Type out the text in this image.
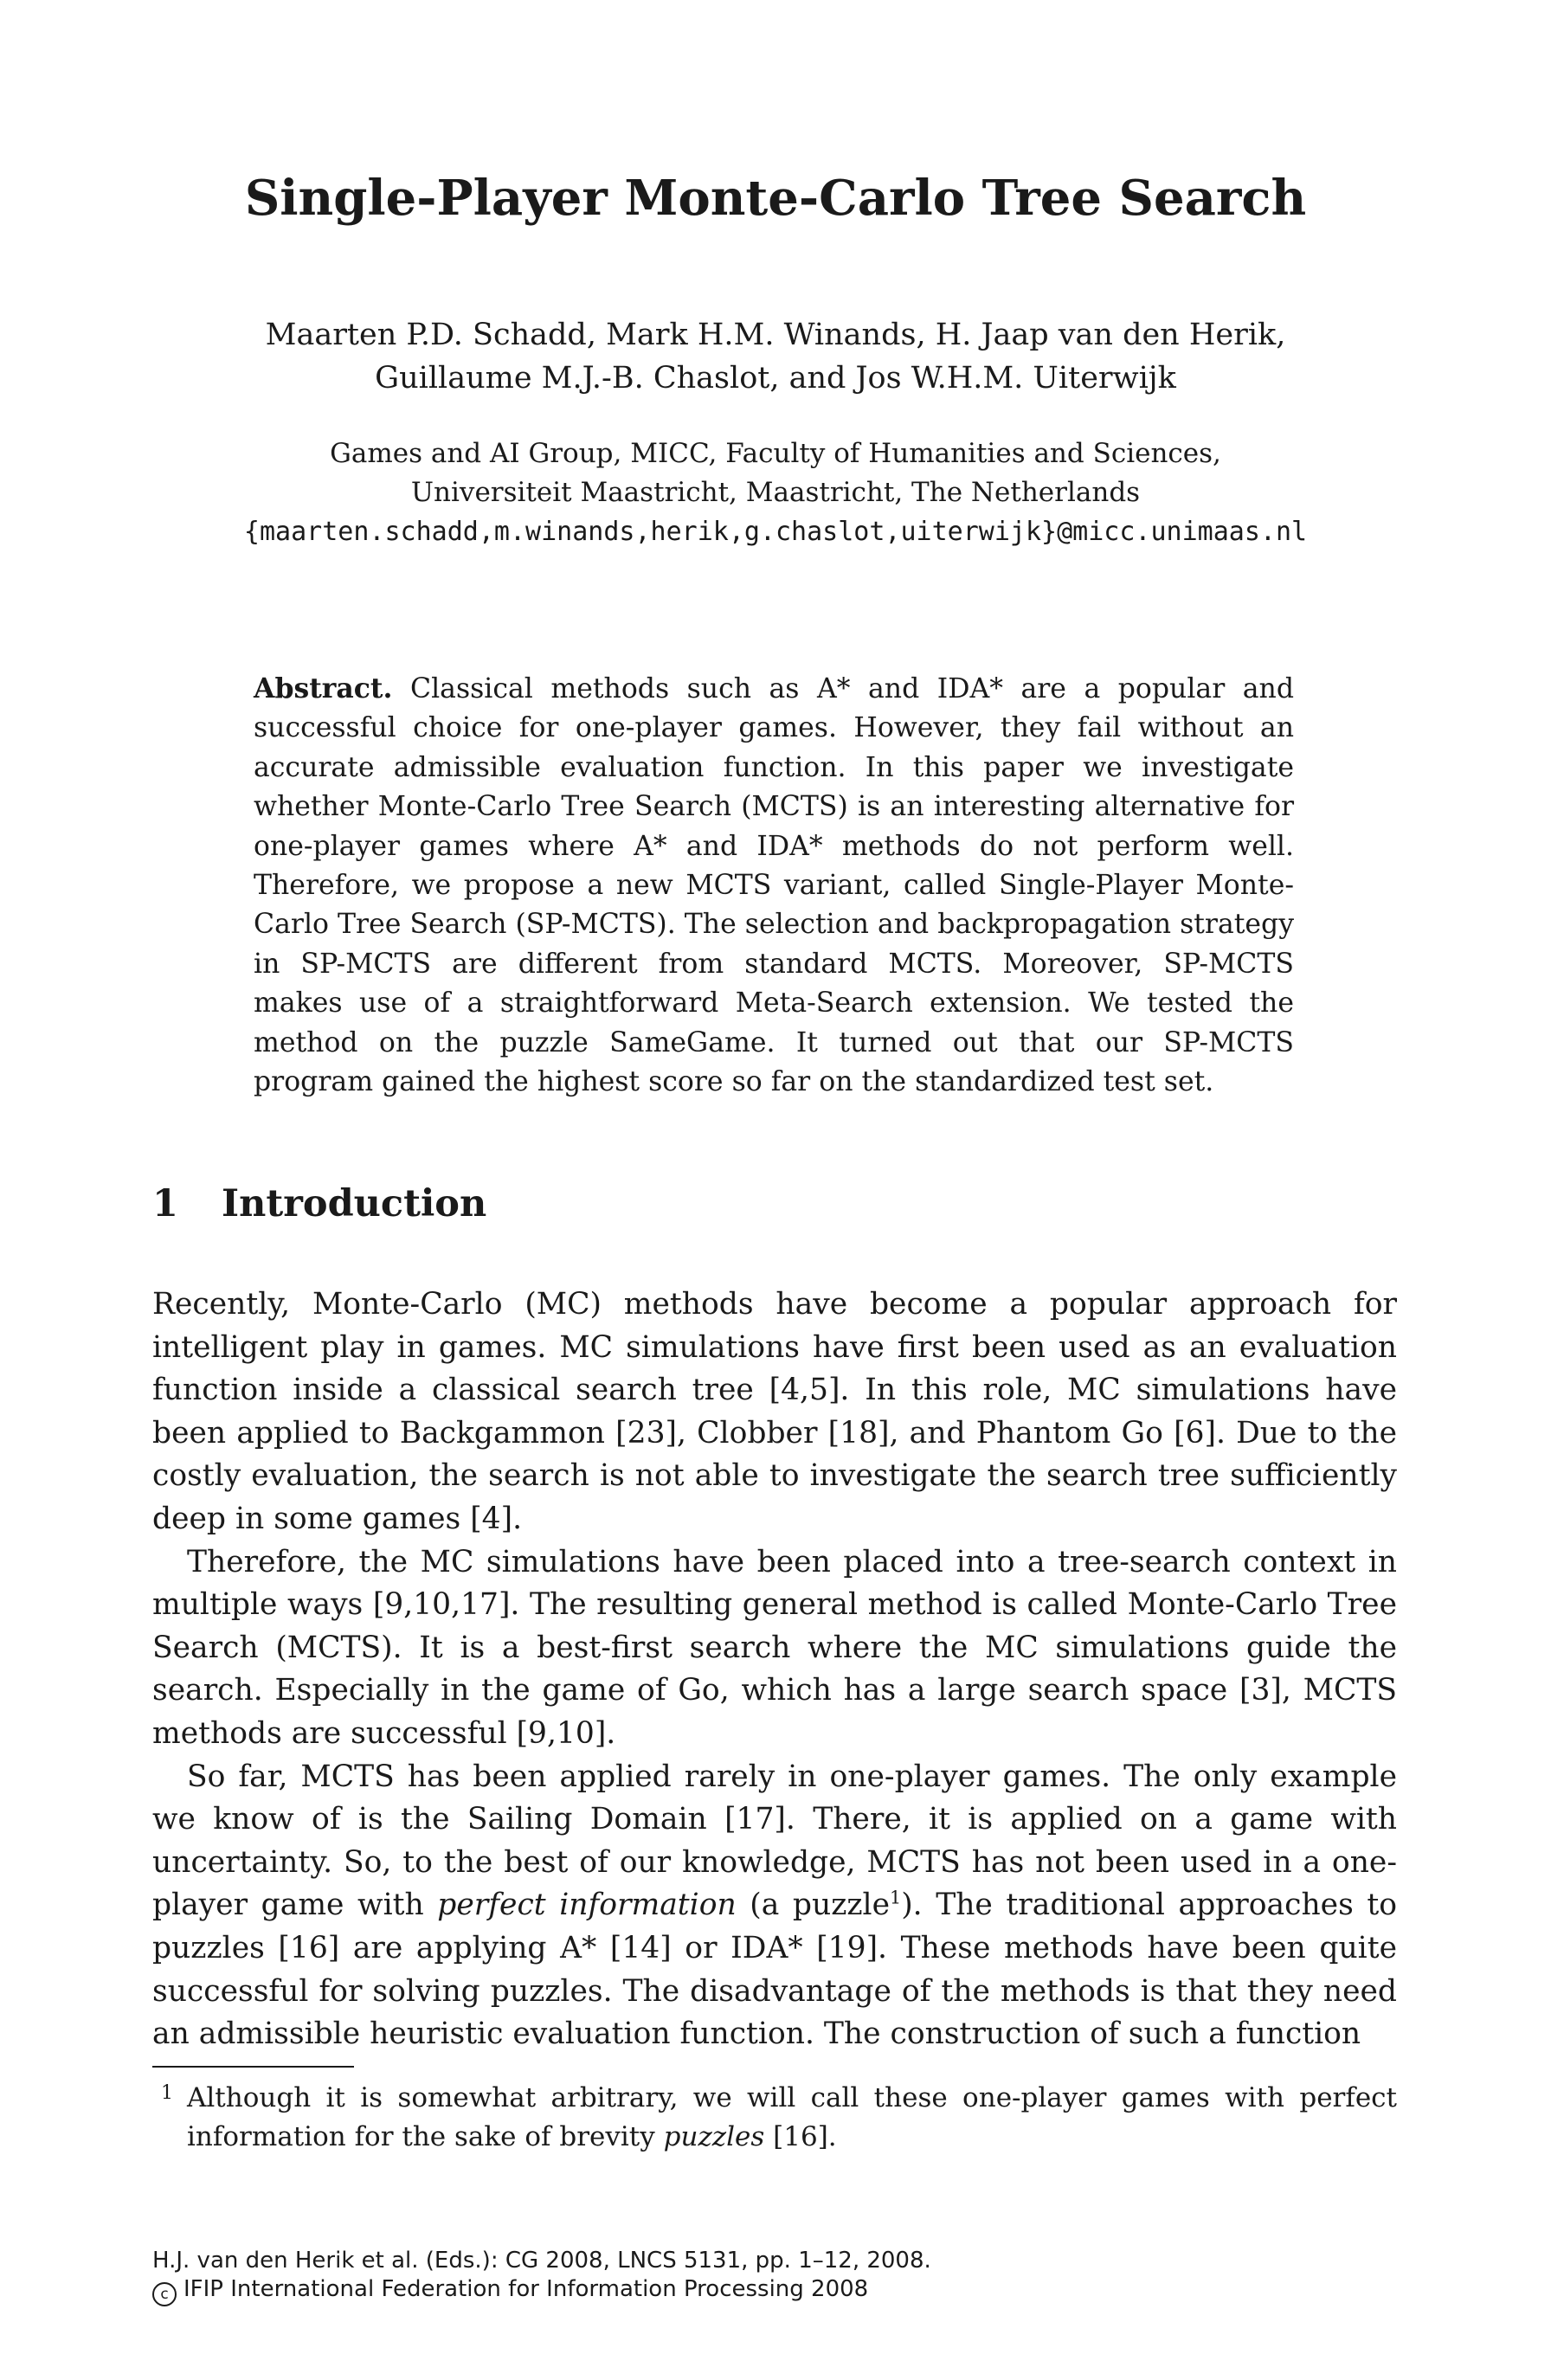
Single-Player Monte-Carlo Tree Search
Maarten P.D. Schadd, Mark H.M. Winands, H. Jaap van den Herik,
Guillaume M.J.-B. Chaslot, and Jos W.H.M. Uiterwijk
Games and AI Group, MICC, Faculty of Humanities and Sciences,
Universiteit Maastricht, Maastricht, The Netherlands
{maarten.schadd,m.winands,herik,g.chaslot,uiterwijk}@micc.unimaas.nl

Abstract. Classical methods such as A* and IDA* are a popular and successful choice for one-player games. However, they fail without an accurate admissible evaluation function. In this paper we investigate whether Monte-Carlo Tree Search (MCTS) is an interesting alternative for one-player games where A* and IDA* methods do not perform well. Therefore, we propose a new MCTS variant, called Single-Player Monte-Carlo Tree Search (SP-MCTS). The selection and backpropagation strategy in SP-MCTS are different from standard MCTS. Moreover, SP-MCTS makes use of a straightforward Meta-Search extension. We tested the method on the puzzle SameGame. It turned out that our SP-MCTS program gained the highest score so far on the standardized test set.

1 Introduction

Recently, Monte-Carlo (MC) methods have become a popular approach for intelligent play in games. MC simulations have first been used as an evaluation function inside a classical search tree [4,5]. In this role, MC simulations have been applied to Backgammon [23], Clobber [18], and Phantom Go [6]. Due to the costly evaluation, the search is not able to investigate the search tree sufficiently deep in some games [4].

Therefore, the MC simulations have been placed into a tree-search context in multiple ways [9,10,17]. The resulting general method is called Monte-Carlo Tree Search (MCTS). It is a best-first search where the MC simulations guide the search. Especially in the game of Go, which has a large search space [3], MCTS methods are successful [9,10].

So far, MCTS has been applied rarely in one-player games. The only example we know of is the Sailing Domain [17]. There, it is applied on a game with uncertainty. So, to the best of our knowledge, MCTS has not been used in a one-player game with perfect information (a puzzle$^1$). The traditional approaches to puzzles [16] are applying A* [14] or IDA* [19]. These methods have been quite successful for solving puzzles. The disadvantage of the methods is that they need an admissible heuristic evaluation function. The construction of such a function

1 Although it is somewhat arbitrary, we will call these one-player games with perfect information for the sake of brevity puzzles [16].
H.J. van den Herik et al. (Eds.): CG 2008, LNCS 5131, pp. 1–12, 2008.
c IFIP International Federation for Information Processing 2008
